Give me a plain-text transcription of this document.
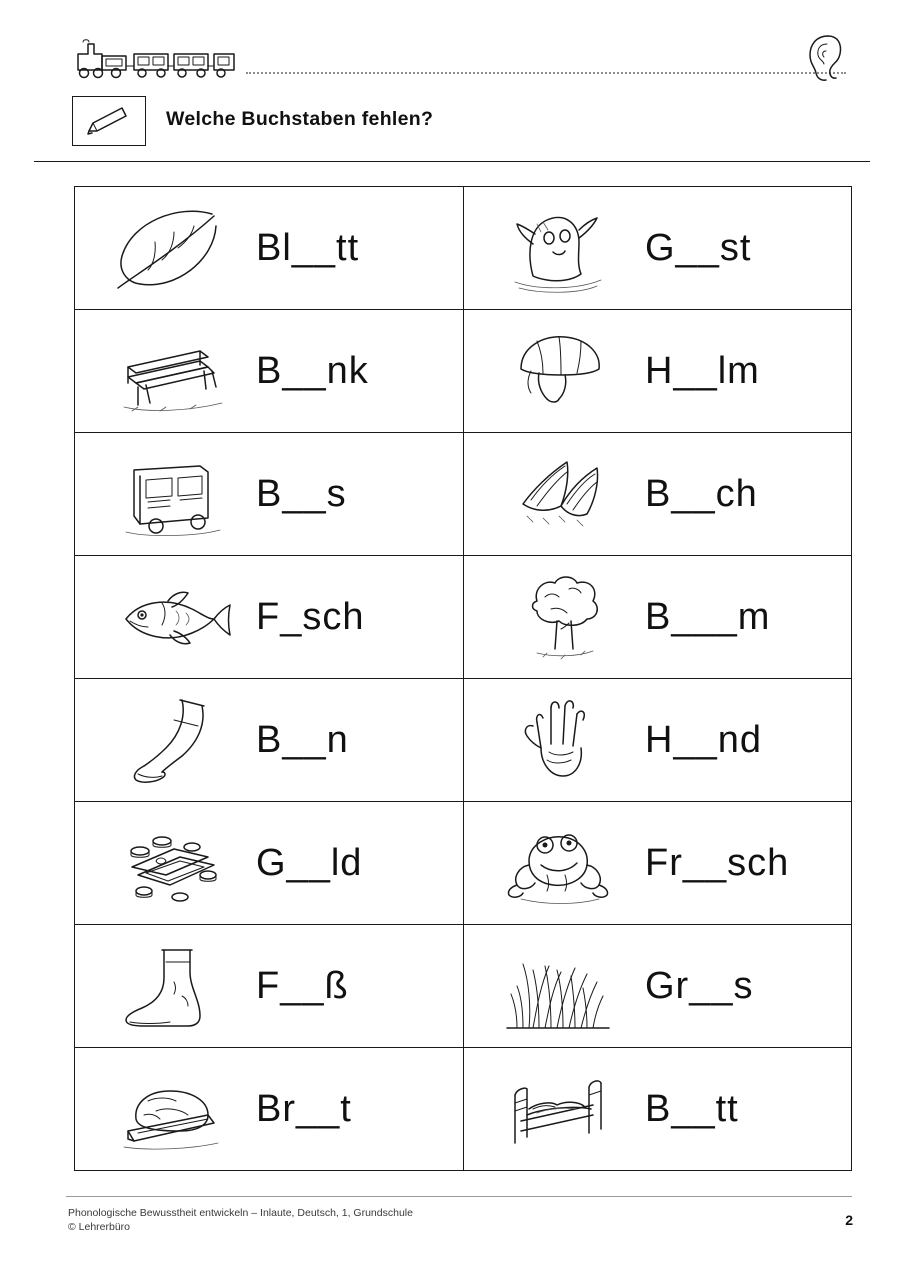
Welche Buchstaben fehlen?
Bl__tt	G__st
B__nk	H__lm
B__s	B__ch
F_sch	B___m
B__n	H__nd
G__ld	Fr__sch
F__ß	Gr__s
Br__t	B__tt
Phonologische Bewusstheit entwickeln – Inlaute, Deutsch, 1, Grundschule
© Lehrerbüro	2
